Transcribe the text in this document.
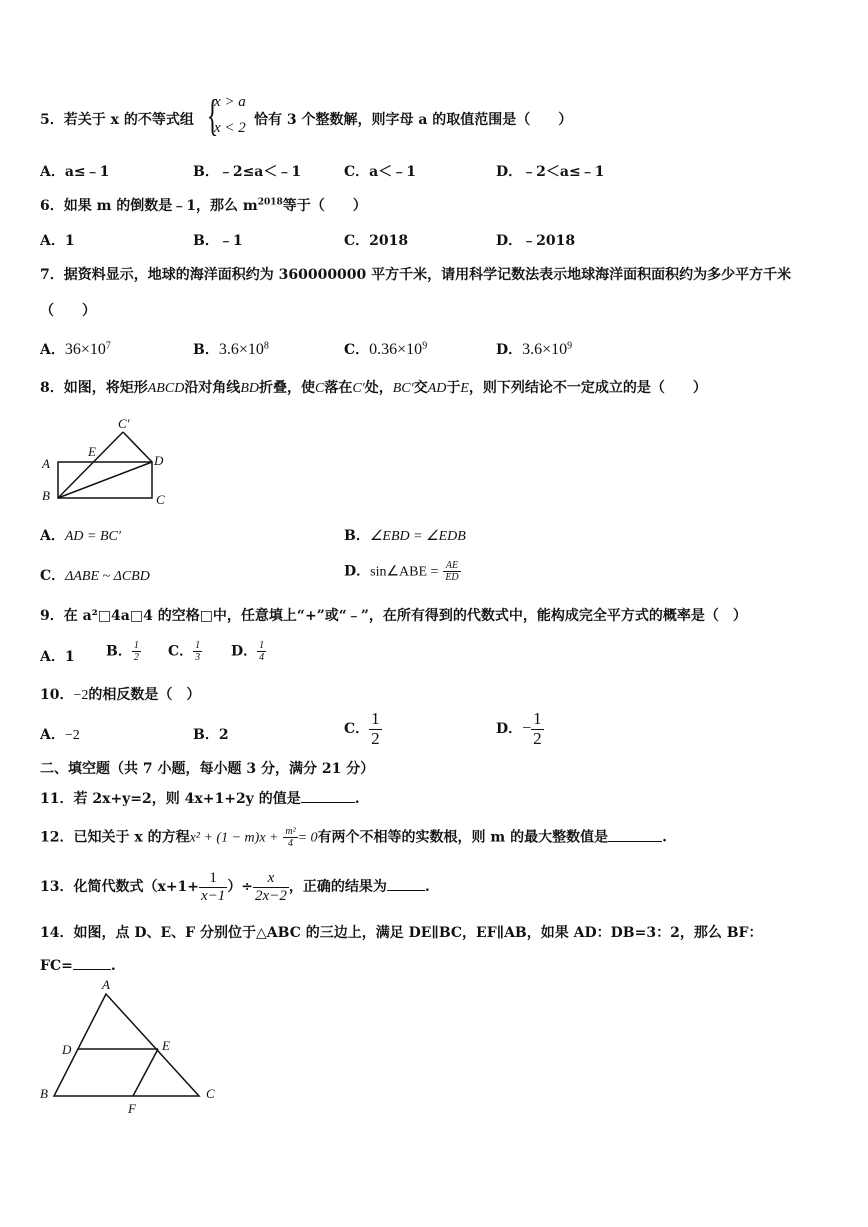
5．若关于 x 的不等式组 {
x > a
x < 2 恰有 3 个整数解，则字母 a 的取值范围是（　　）
A．a≤﹣1	B．﹣2≤a＜﹣1	C．a＜﹣1	D．﹣2＜a≤﹣1
6．如果 m 的倒数是﹣1，那么 $m^{2018}$等于（　　）
A．1	B．﹣1	C．2018	D．﹣2018
7．据资料显示，地球的海洋面积约为 360000000 平方千米，请用科学记数法表示地球海洋面积面积约为多少平方千米
（　　）
A．$36\times 10^7$	B．$3.6\times 10^8$	C．$0.36\times 10^9$	D．$3.6\times 10^9$
8．如图，将矩形ABCD沿对角线BD折叠，使C落在C′处，BC′交AD于E，则下列结论不一定成立的是（　　）
C′
E
A	D
B	C
A．AD = BC′	B．∠EBD = ∠EDB
C．ΔABE ~ ΔCBD	D．sin∠ABE = $\frac{AE}{ED}$
9．在 a²□4a□4 的空格□中，任意填上“+”或“﹣”，在所有得到的代数式中，能构成完全平方式的概率是（　）
A．1 B． $\frac{1}{2}$ C． $\frac{1}{3}$ D． $\frac{1}{4}$
10．−2的相反数是（　）
A．−2	B．2	C． $\frac{1}{2}$	D．− $\frac{1}{2}$
二、填空题（共 7 小题，每小题 3 分，满分 21 分）
11．若 2x+y=2，则 4x+1+2y 的值是	.
12．已知关于 x 的方程$x^2 + (1 - m)x + \frac{\text{m²}}{4} = 0$有两个不相等的实数根，则 m 的最大整数值是	.
13．化简代数式（$x+1+ \frac{1}{x-1}$ ）÷ $\frac{x}{2x-2}$ ，正确的结果为	.
14．如图，点 D、E、F 分别位于△ABC 的三边上，满足 DE∥BC，EF∥AB，如果 AD：DB=3：2，那么 BF：
FC=	.
A
D	E
B
F
C
